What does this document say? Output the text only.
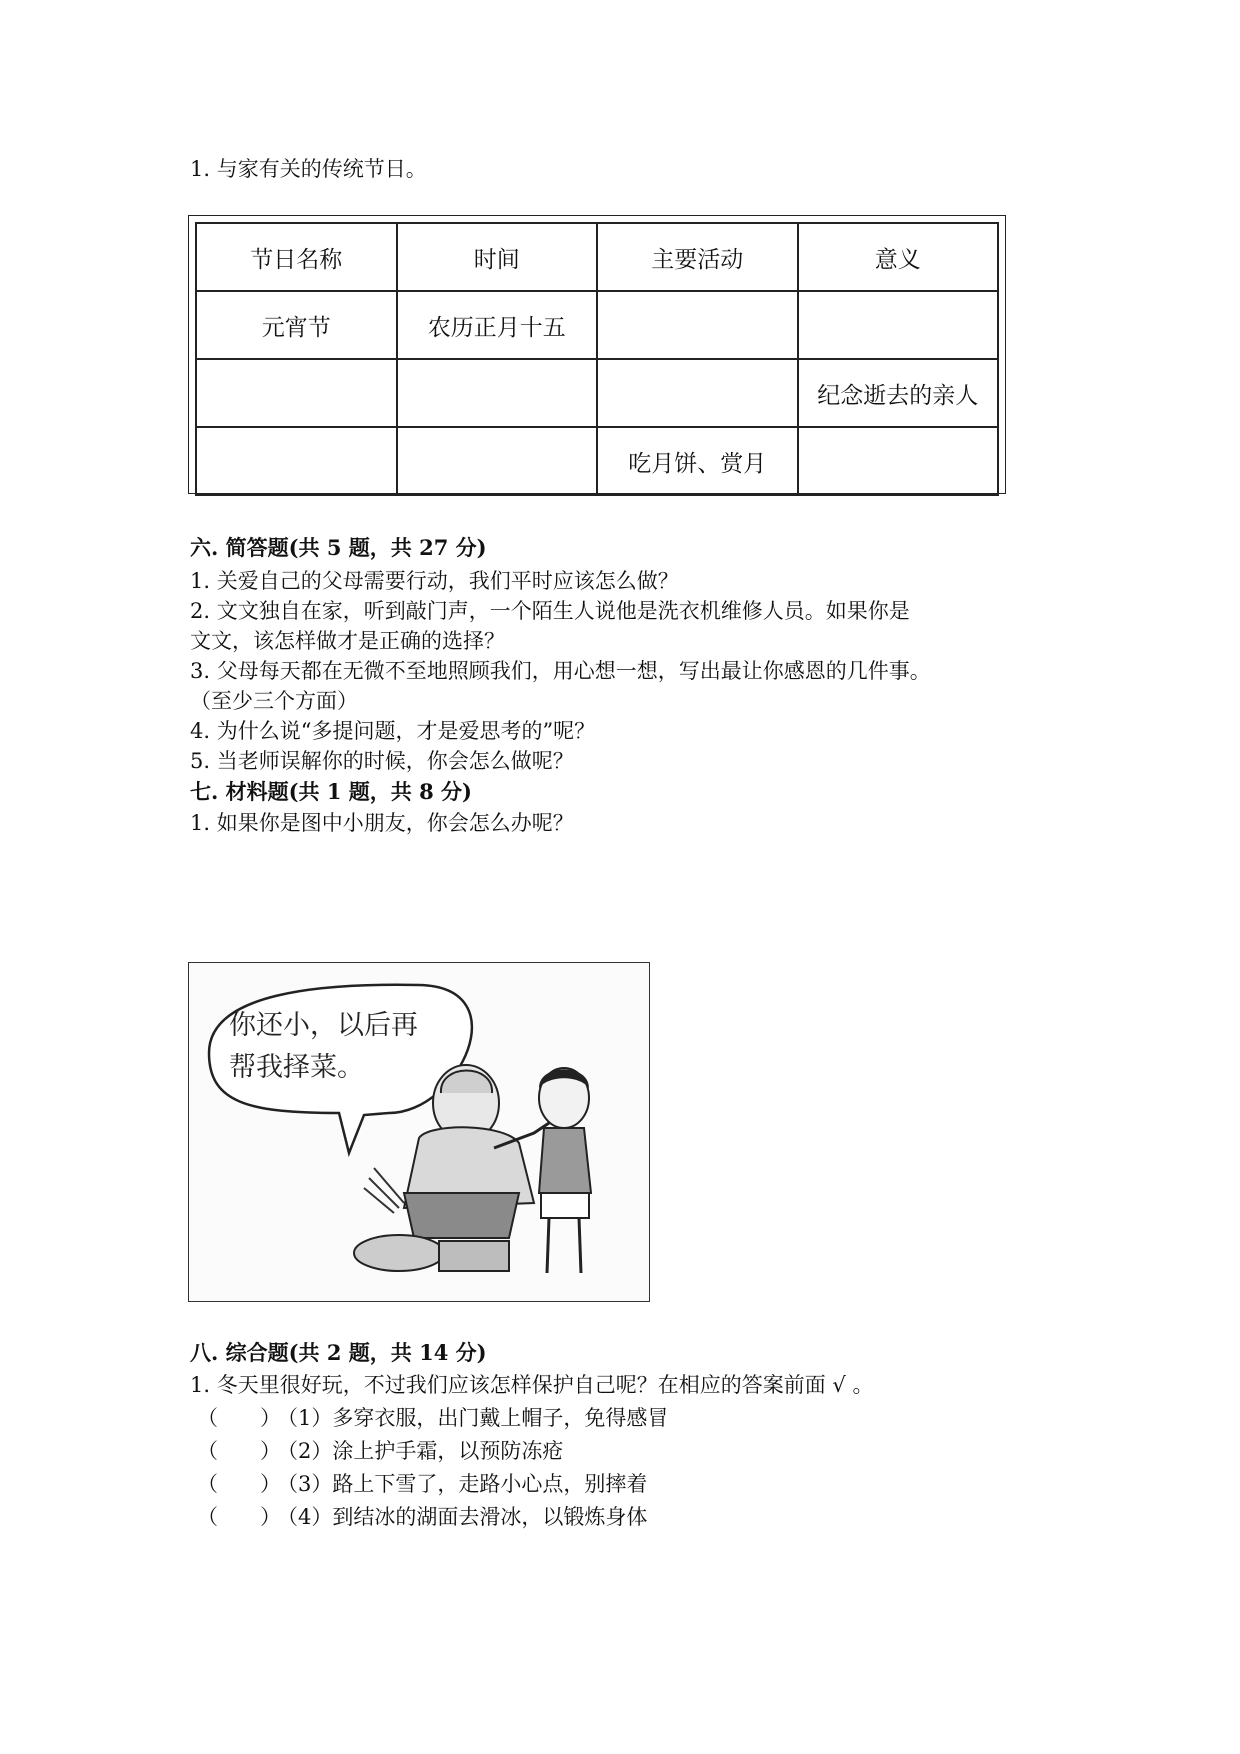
1. 与家有关的传统节日。
节日名称	时间	主要活动	意义
元宵节	农历正月十五		
			纪念逝去的亲人
		吃月饼、赏月	
六. 简答题(共 5 题，共 27 分)
1. 关爱自己的父母需要行动，我们平时应该怎么做？
2. 文文独自在家，听到敲门声，一个陌生人说他是洗衣机维修人员。如果你是
文文，该怎样做才是正确的选择？
3. 父母每天都在无微不至地照顾我们，用心想一想，写出最让你感恩的几件事。
（至少三个方面）
4. 为什么说“多提问题，才是爱思考的”呢？
5. 当老师误解你的时候，你会怎么做呢？
七. 材料题(共 1 题，共 8 分)
1. 如果你是图中小朋友，你会怎么办呢？
你还小，以后再
帮我择菜。
八. 综合题(共 2 题，共 14 分)
1. 冬天里很好玩，不过我们应该怎样保护自己呢？在相应的答案前面 √ 。
（　　）（1）多穿衣服，出门戴上帽子，免得感冒
（　　）（2）涂上护手霜，以预防冻疮
（　　）（3）路上下雪了，走路小心点，别摔着
（　　）（4）到结冰的湖面去滑冰，以锻炼身体
